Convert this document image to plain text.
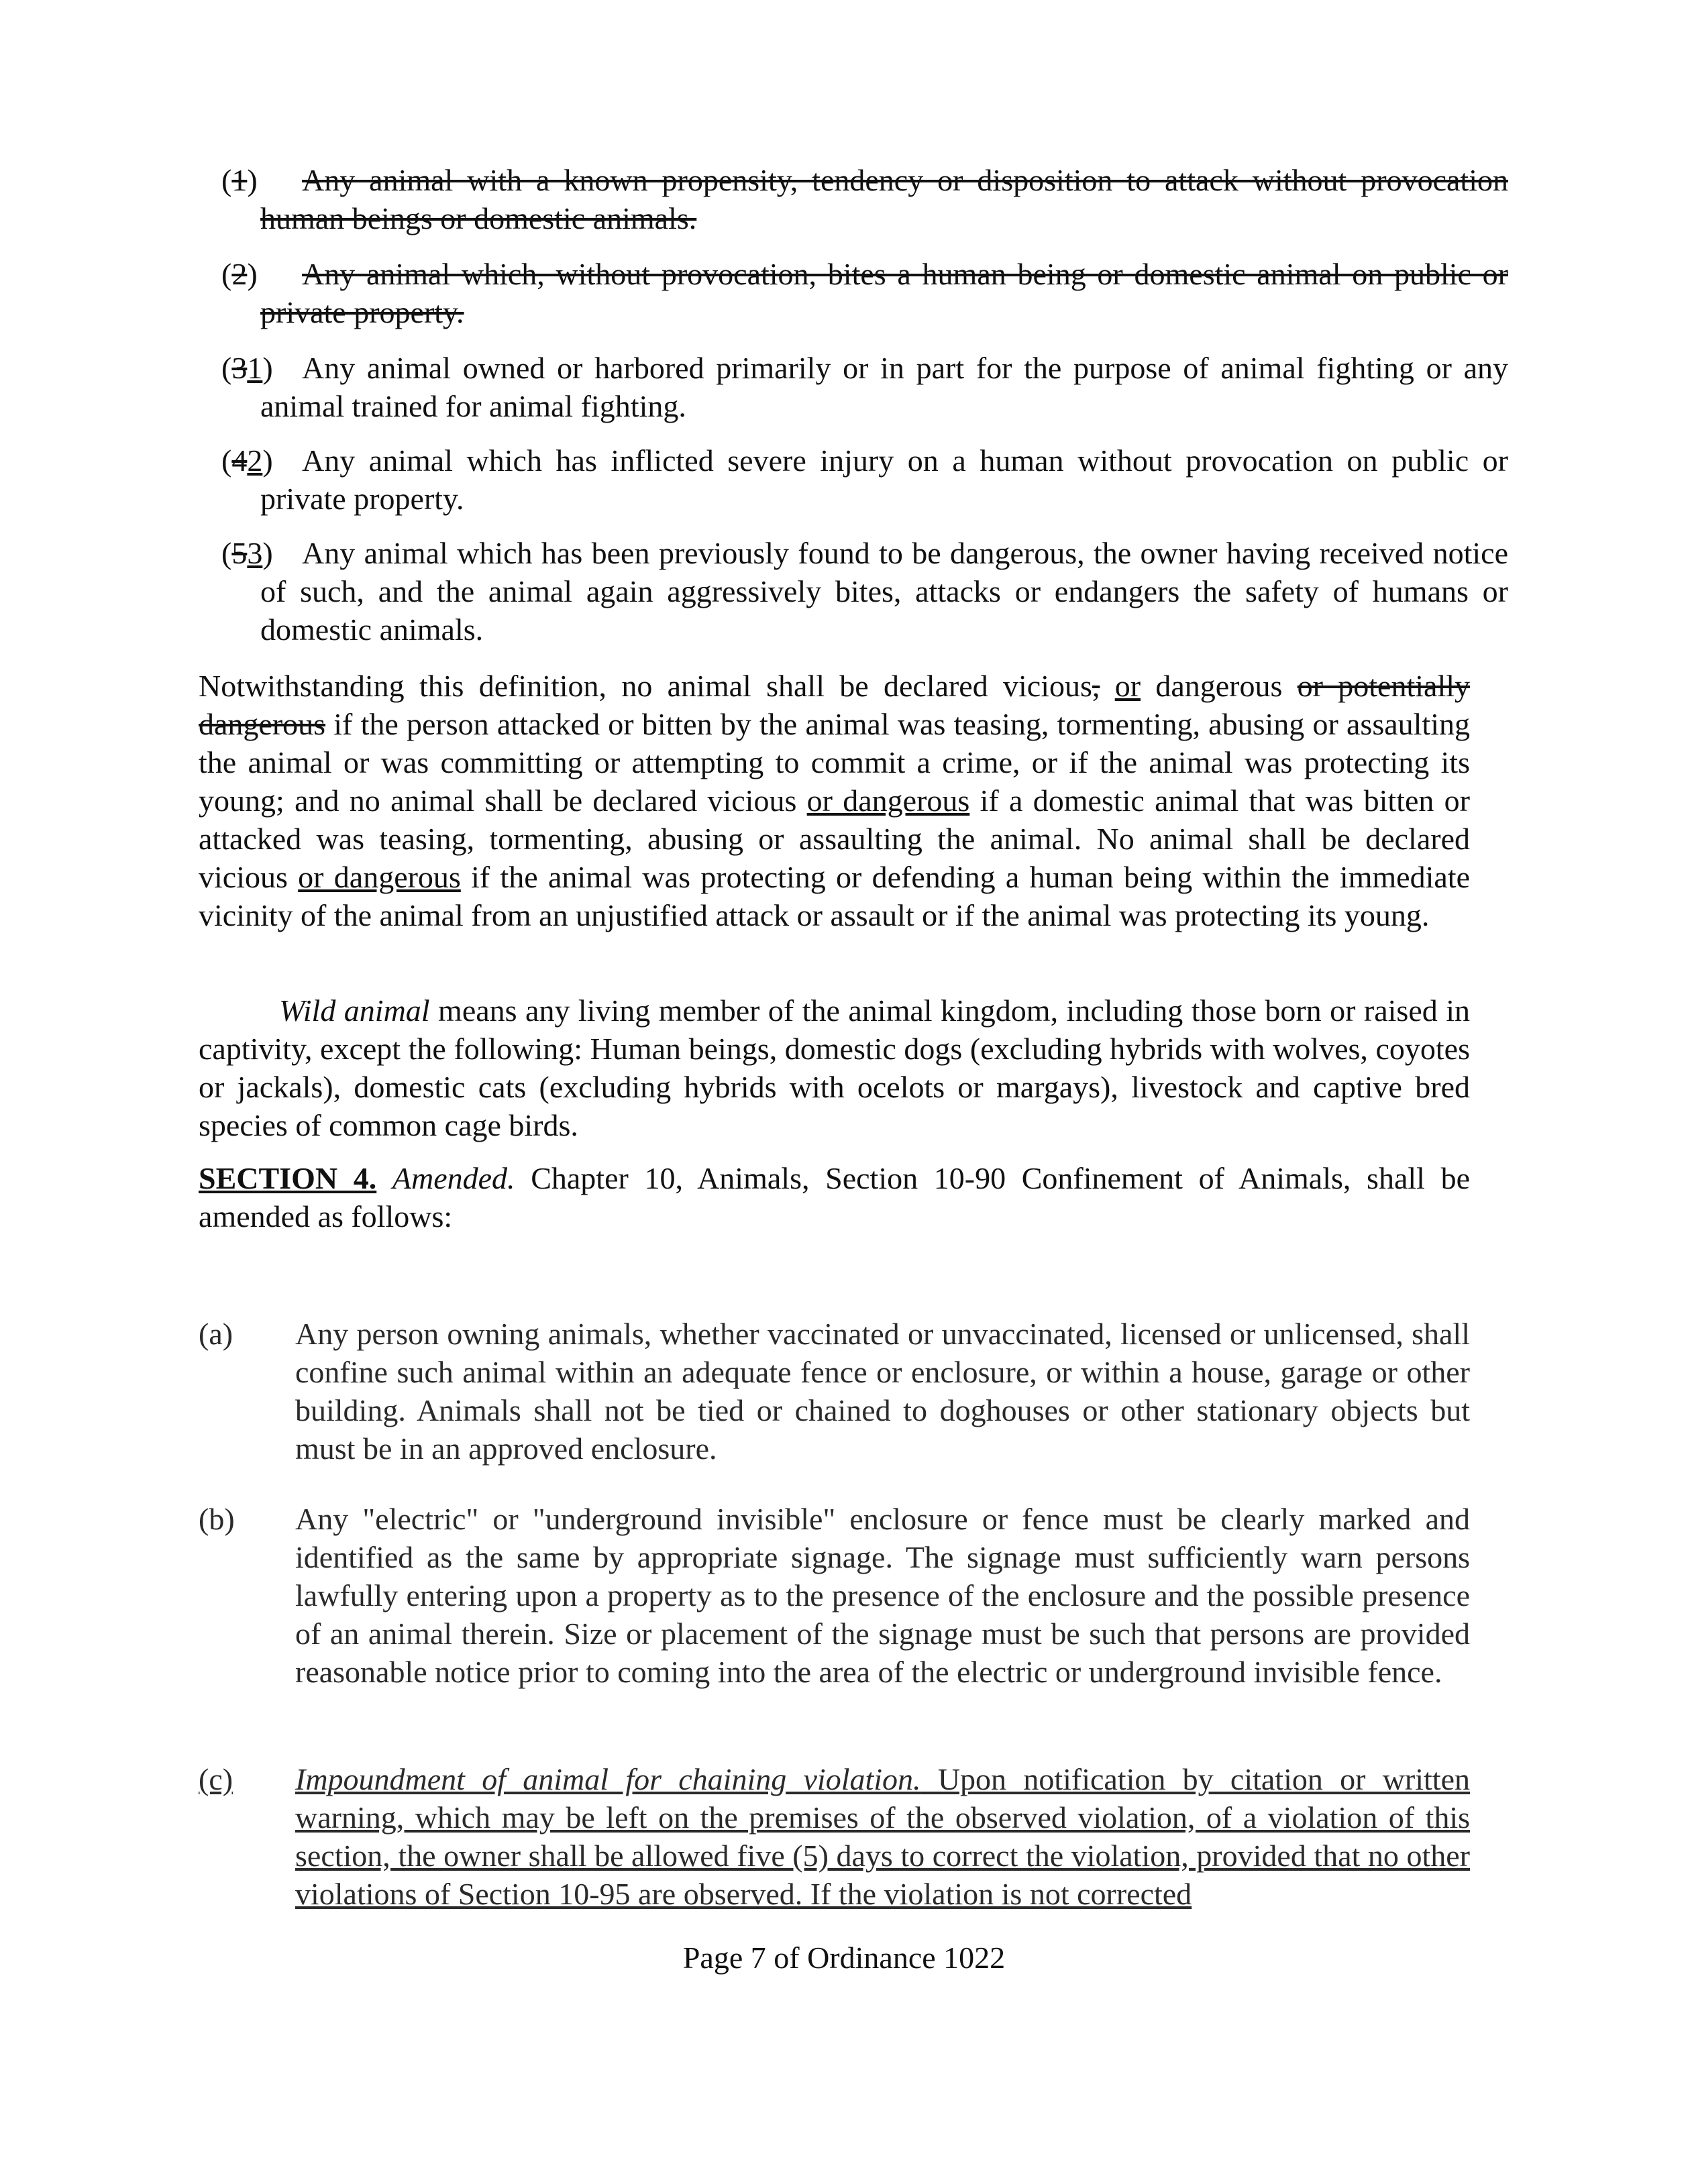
(1) Any animal with a known propensity, tendency or disposition to attack without provocation human beings or domestic animals.
(2) Any animal which, without provocation, bites a human being or domestic animal on public or private property.
(31) Any animal owned or harbored primarily or in part for the purpose of animal fighting or any animal trained for animal fighting.
(42) Any animal which has inflicted severe injury on a human without provocation on public or private property.
(53) Any animal which has been previously found to be dangerous, the owner having received notice of such, and the animal again aggressively bites, attacks or endangers the safety of humans or domestic animals.
Notwithstanding this definition, no animal shall be declared vicious, or dangerous or potentially dangerous if the person attacked or bitten by the animal was teasing, tormenting, abusing or assaulting the animal or was committing or attempting to commit a crime, or if the animal was protecting its young; and no animal shall be declared vicious or dangerous if a domestic animal that was bitten or attacked was teasing, tormenting, abusing or assaulting the animal. No animal shall be declared vicious or dangerous if the animal was protecting or defending a human being within the immediate vicinity of the animal from an unjustified attack or assault or if the animal was protecting its young.
Wild animal means any living member of the animal kingdom, including those born or raised in captivity, except the following: Human beings, domestic dogs (excluding hybrids with wolves, coyotes or jackals), domestic cats (excluding hybrids with ocelots or margays), livestock and captive bred species of common cage birds.
SECTION 4. Amended. Chapter 10, Animals, Section 10-90 Confinement of Animals, shall be amended as follows:
(a)	Any person owning animals, whether vaccinated or unvaccinated, licensed or unlicensed, shall confine such animal within an adequate fence or enclosure, or within a house, garage or other building. Animals shall not be tied or chained to doghouses or other stationary objects but must be in an approved enclosure.
(b)	Any "electric" or "underground invisible" enclosure or fence must be clearly marked and identified as the same by appropriate signage. The signage must sufficiently warn persons lawfully entering upon a property as to the presence of the enclosure and the possible presence of an animal therein. Size or placement of the signage must be such that persons are provided reasonable notice prior to coming into the area of the electric or underground invisible fence.
(c)	Impoundment of animal for chaining violation. Upon notification by citation or written warning, which may be left on the premises of the observed violation, of a violation of this section, the owner shall be allowed five (5) days to correct the violation, provided that no other violations of Section 10-95 are observed. If the violation is not corrected
Page 7 of Ordinance 1022
